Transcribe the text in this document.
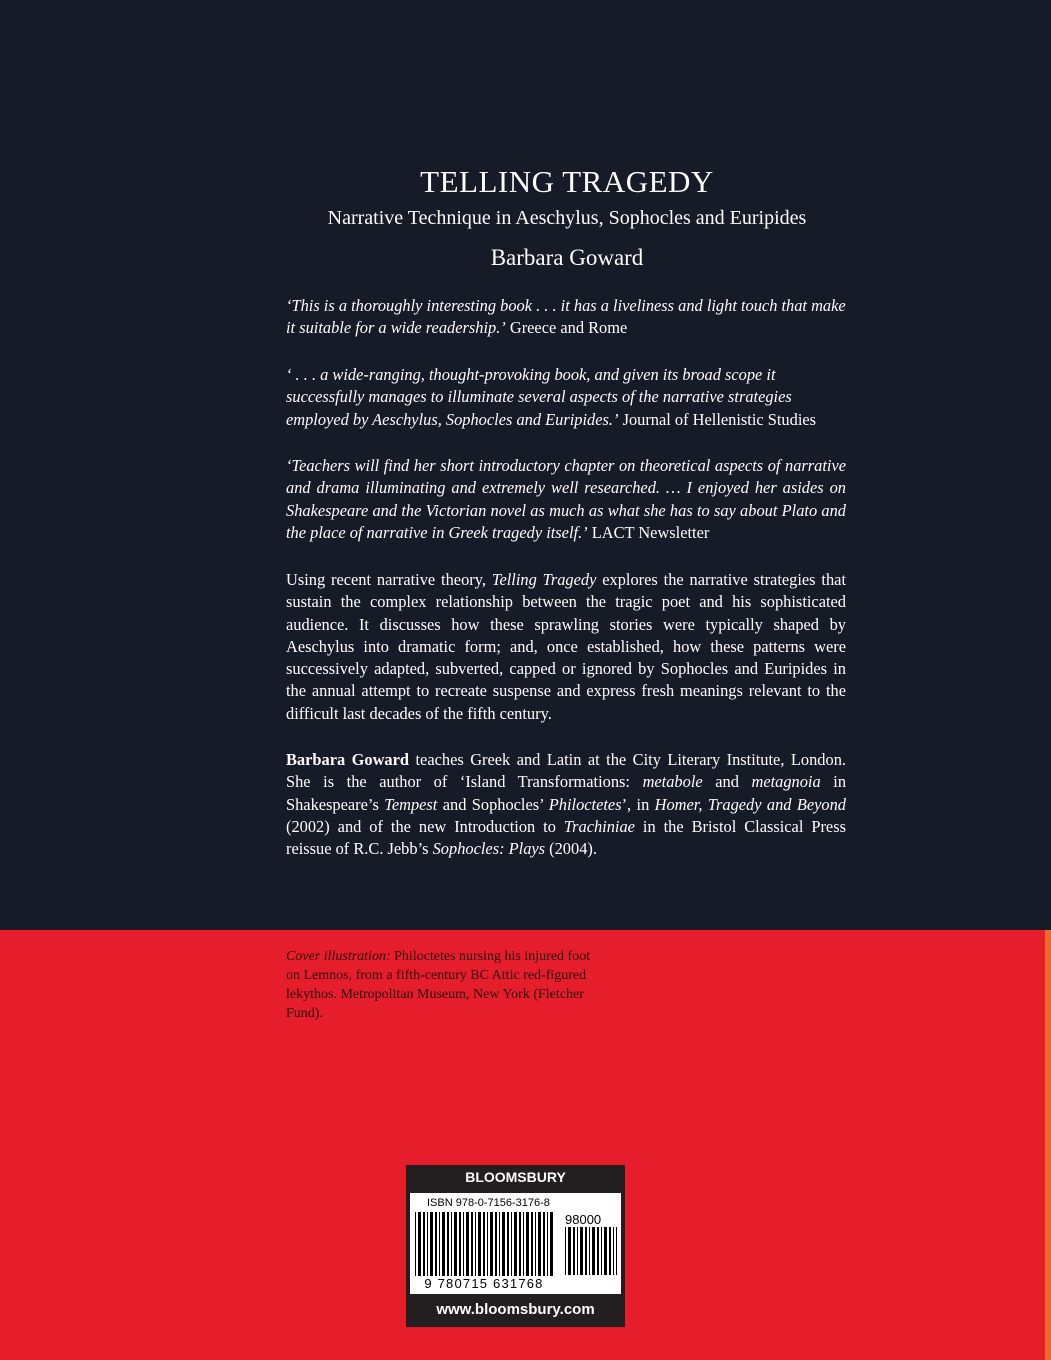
TELLING TRAGEDY
Narrative Technique in Aeschylus, Sophocles and Euripides
Barbara Goward
‘This is a thoroughly interesting book . . . it has a liveliness and light touch that make it suitable for a wide readership.’ Greece and Rome
‘ . . . a wide-ranging, thought-provoking book, and given its broad scope it successfully manages to illuminate several aspects of the narrative strategies employed by Aeschylus, Sophocles and Euripides.’ Journal of Hellenistic Studies
‘Teachers will find her short introductory chapter on theoretical aspects of narrative and drama illuminating and extremely well researched. … I enjoyed her asides on Shakespeare and the Victorian novel as much as what she has to say about Plato and the place of narrative in Greek tragedy itself.’ LACT Newsletter
Using recent narrative theory, Telling Tragedy explores the narrative strategies that sustain the complex relationship between the tragic poet and his sophisticated audience. It discusses how these sprawling stories were typically shaped by Aeschylus into dramatic form; and, once established, how these patterns were successively adapted, subverted, capped or ignored by Sophocles and Euripides in the annual attempt to recreate suspense and express fresh meanings relevant to the difficult last decades of the fifth century.
Barbara Goward teaches Greek and Latin at the City Literary Institute, London. She is the author of ‘Island Transformations: metabole and metagnoia in Shakespeare’s Tempest and Sophocles’ Philoctetes’, in Homer, Tragedy and Beyond (2002) and of the new Introduction to Trachiniae in the Bristol Classical Press reissue of R.C. Jebb’s Sophocles: Plays (2004).
Cover illustration: Philoctetes nursing his injured foot on Lemnos, from a fifth-century BC Attic red-figured lekythos. Metropolitan Museum, New York (Fletcher Fund).
BLOOMSBURY
ISBN 978-0-7156-3176-8
98000
9 780715 631768
www.bloomsbury.com
